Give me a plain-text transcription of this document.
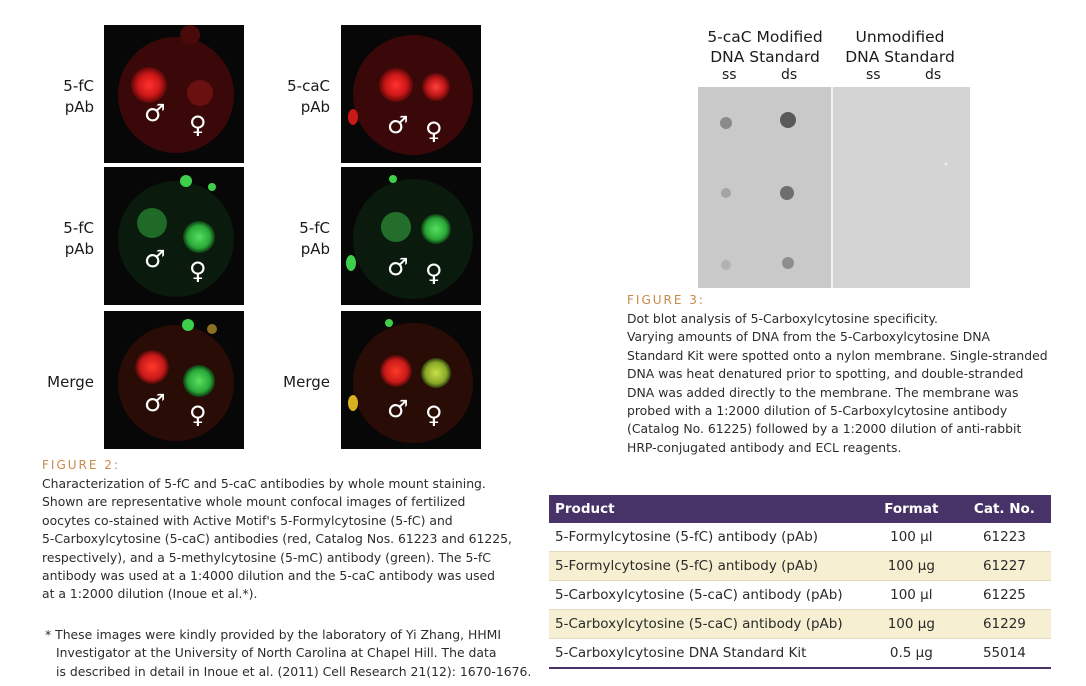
5-fC
pAb
5-fC
pAb
Merge
5-caC
pAb
5-fC
pAb
Merge
♂ ♀
♂ ♀
♂ ♀
♂ ♀
♂ ♀
♂ ♀
FIGURE 2:
Characterization of 5-fC and 5-caC antibodies by whole mount staining.
Shown are representative whole mount confocal images of fertilized
oocytes co-stained with Active Motif's 5-Formylcytosine (5-fC) and
5-Carboxylcytosine (5-caC) antibodies (red, Catalog Nos. 61223 and 61225,
respectively), and a 5-methylcytosine (5-mC) antibody (green). The 5-fC
antibody was used at a 1:4000 dilution and the 5-caC antibody was used
at a 1:2000 dilution (Inoue et al.*).
* These images were kindly provided by the laboratory of Yi Zhang, HHMI
Investigator at the University of North Carolina at Chapel Hill. The data
is described in detail in Inoue et al. (2011) Cell Research 21(12): 1670-1676.
5-caC Modified
DNA Standard
Unmodified
DNA Standard
ss	ds	ss	ds
FIGURE 3:
Dot blot analysis of 5-Carboxylcytosine specificity.
Varying amounts of DNA from the 5-Carboxylcytosine DNA
Standard Kit were spotted onto a nylon membrane. Single-stranded
DNA was heat denatured prior to spotting, and double-stranded
DNA was added directly to the membrane. The membrane was
probed with a 1:2000 dilution of 5-Carboxylcytosine antibody
(Catalog No. 61225) followed by a 1:2000 dilution of anti-rabbit
HRP-conjugated antibody and ECL reagents.
Product	Format	Cat. No.
5-Formylcytosine (5-fC) antibody (pAb)	100 µl	61223
5-Formylcytosine (5-fC) antibody (pAb)	100 µg	61227
5-Carboxylcytosine (5-caC) antibody (pAb)	100 µl	61225
5-Carboxylcytosine (5-caC) antibody (pAb)	100 µg	61229
5-Carboxylcytosine DNA Standard Kit	0.5 µg	55014
